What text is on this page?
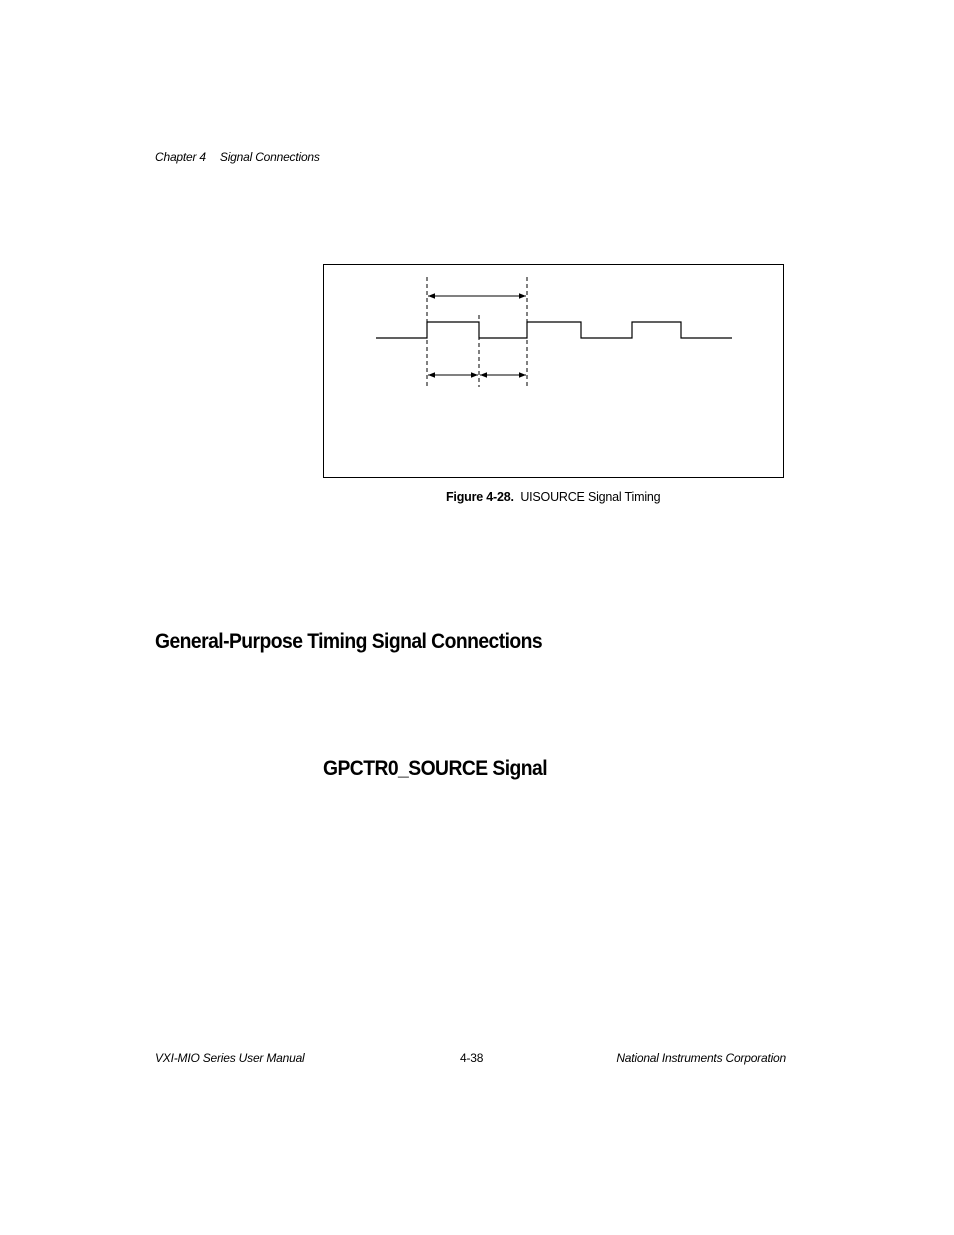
Chapter 4 Signal Connections
Figure 4-28. UISOURCE Signal Timing
General-Purpose Timing Signal Connections
GPCTR0_SOURCE Signal
VXI-MIO Series User Manual	4-38	National Instruments Corporation
